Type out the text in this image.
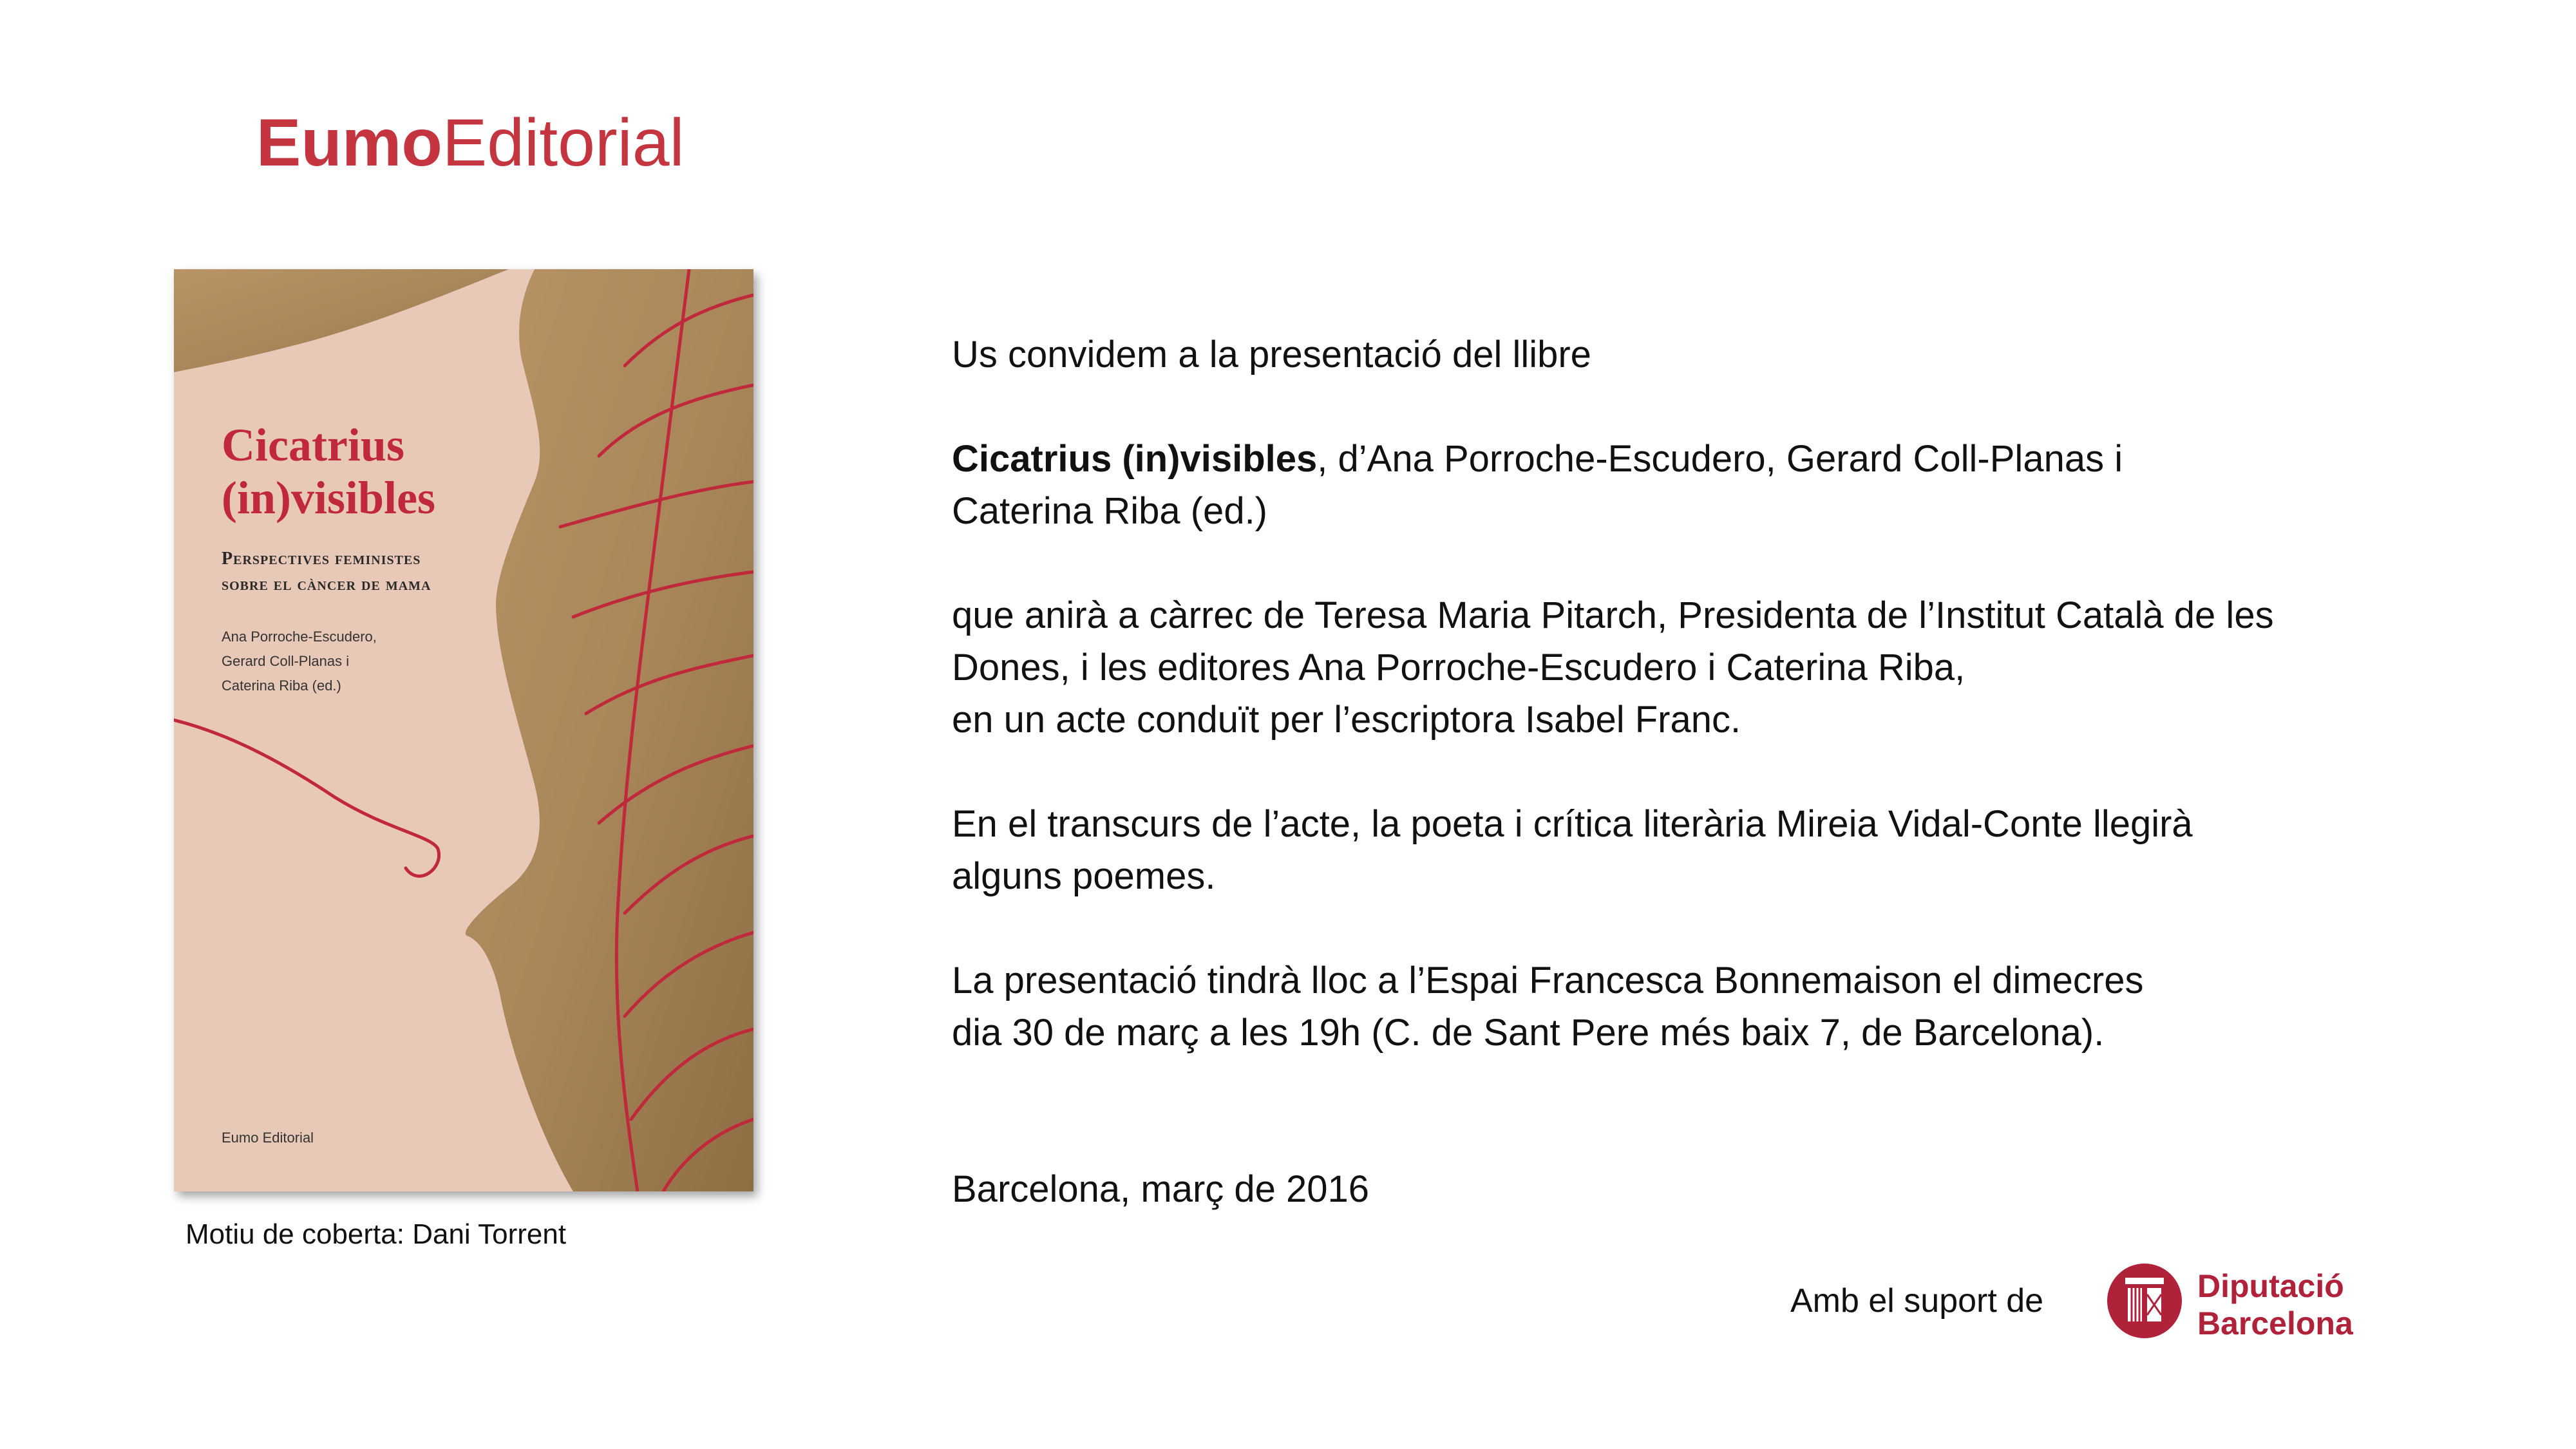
EumoEditorial
Cicatrius
(in)visibles
Perspectives feministes
sobre el càncer de mama
Ana Porroche-Escudero,
Gerard Coll-Planas i
Caterina Riba (ed.)
Eumo Editorial
Motiu de coberta: Dani Torrent

Us convidem a la presentació del llibre

Cicatrius (in)visibles, d’Ana Porroche-Escudero, Gerard Coll-Planas i

Caterina Riba (ed.)

que anirà a càrrec de Teresa Maria Pitarch, Presidenta de l’Institut Català de les

Dones, i les editores Ana Porroche-Escudero i Caterina Riba,

en un acte conduït per l’escriptora Isabel Franc.

En el transcurs de l’acte, la poeta i crítica literària Mireia Vidal-Conte llegirà

alguns poemes.

La presentació tindrà lloc a l’Espai Francesca Bonnemaison el dimecres

dia 30 de març a les 19h (C. de Sant Pere més baix 7, de Barcelona).

Barcelona, març de 2016

Amb el suport de	Diputació
Barcelona
